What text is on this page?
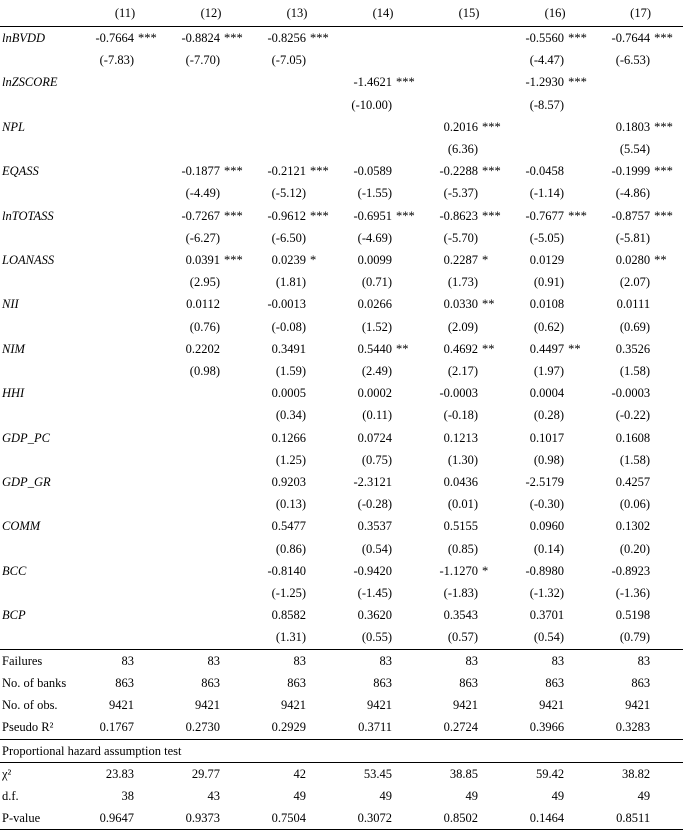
	(11)		(12)		(13)		(14)		(15)		(16)		(17)	
lnBVDD	-0.7664	***	-0.8824	***	-0.8256	***					-0.5560	***	-0.7644	***
	(-7.83)		(-7.70)		(-7.05)						(-4.47)		(-6.53)	
lnZSCORE							-1.4621	***			-1.2930	***		
							(-10.00)				(-8.57)			
NPL									0.2016	***			0.1803	***
									(6.36)				(5.54)	
EQASS			-0.1877	***	-0.2121	***	-0.0589		-0.2288	***	-0.0458		-0.1999	***
			(-4.49)		(-5.12)		(-1.55)		(-5.37)		(-1.14)		(-4.86)	
lnTOTASS			-0.7267	***	-0.9612	***	-0.6951	***	-0.8623	***	-0.7677	***	-0.8757	***
			(-6.27)		(-6.50)		(-4.69)		(-5.70)		(-5.05)		(-5.81)	
LOANASS			0.0391	***	0.0239	*	0.0099		0.2287	*	0.0129		0.0280	**
			(2.95)		(1.81)		(0.71)		(1.73)		(0.91)		(2.07)	
NII			0.0112		-0.0013		0.0266		0.0330	**	0.0108		0.0111	
			(0.76)		(-0.08)		(1.52)		(2.09)		(0.62)		(0.69)	
NIM			0.2202		0.3491		0.5440	**	0.4692	**	0.4497	**	0.3526	
			(0.98)		(1.59)		(2.49)		(2.17)		(1.97)		(1.58)	
HHI					0.0005		0.0002		-0.0003		0.0004		-0.0003	
					(0.34)		(0.11)		(-0.18)		(0.28)		(-0.22)	
GDP_PC					0.1266		0.0724		0.1213		0.1017		0.1608	
					(1.25)		(0.75)		(1.30)		(0.98)		(1.58)	
GDP_GR					0.9203		-2.3121		0.0436		-2.5179		0.4257	
					(0.13)		(-0.28)		(0.01)		(-0.30)		(0.06)	
COMM					0.5477		0.3537		0.5155		0.0960		0.1302	
					(0.86)		(0.54)		(0.85)		(0.14)		(0.20)	
BCC					-0.8140		-0.9420		-1.1270	*	-0.8980		-0.8923	
					(-1.25)		(-1.45)		(-1.83)		(-1.32)		(-1.36)	
BCP					0.8582		0.3620		0.3543		0.3701		0.5198	
					(1.31)		(0.55)		(0.57)		(0.54)		(0.79)	
Failures	83		83		83		83		83		83		83	
No. of banks	863		863		863		863		863		863		863	
No. of obs.	9421		9421		9421		9421		9421		9421		9421	
Pseudo R²	0.1767		0.2730		0.2929		0.3711		0.2724		0.3966		0.3283	
Proportional hazard assumption test														
χ²	23.83		29.77		42		53.45		38.85		59.42		38.82	
d.f.	38		43		49		49		49		49		49	
P-value	0.9647		0.9373		0.7504		0.3072		0.8502		0.1464		0.8511	
